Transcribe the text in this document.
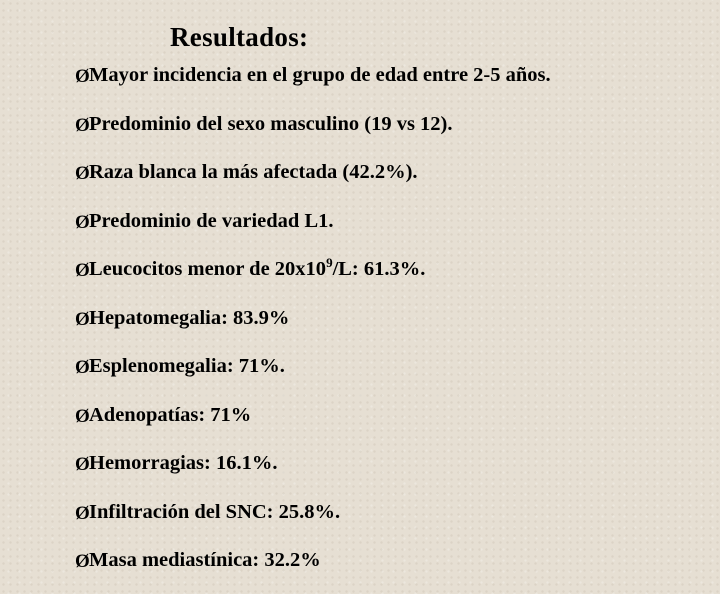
Resultados:
Ø Mayor incidencia en el grupo de edad entre 2-5 años.
Ø Predominio del sexo masculino (19 vs 12).
Ø Raza blanca la más afectada (42.2%).
Ø Predominio de variedad L1.
Ø Leucocitos menor de $20x10^9/L$: 61.3%.
Ø Hepatomegalia: 83.9%
Ø Esplenomegalia: 71%.
Ø Adenopatías: 71%
Ø Hemorragias: 16.1%.
Ø Infiltración del SNC: 25.8%.
Ø Masa mediastínica: 32.2%
